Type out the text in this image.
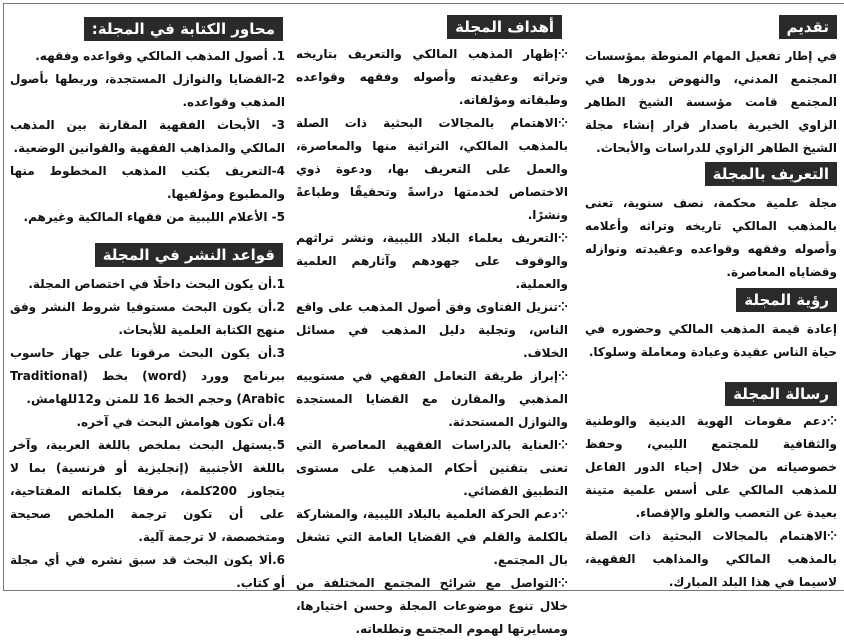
تقديم

في إطار تفعيل المهام المنوطة بمؤسسات المجتمع المدني، والنهوض بدورها في المجتمع قامت مؤسسة الشيخ الطاهر الزاوي الخيرية باصدار قرار إنشاء مجلة الشيخ الطاهر الزاوي للدراسات والأبحاث.

التعريف بالمجلة

مجلة علمية محكمة، نصف سنوية، تعنى بالمذهب المالكي تاريخه وتراثه وأعلامه وأصوله وفقهه وقواعده وعقيدته ونوازله وقضاياه المعاصرة.

رؤية المجلة

إعادة قيمة المذهب المالكي وحضوره في حياة الناس عقيدة وعبادة ومعاملة وسلوكا.

رسالة المجلة

⁘دعم مقومات الهوية الدينية والوطنية والثقافية للمجتمع الليبي، وحفظ خصوصياته من خلال إحياء الدور الفاعل للمذهب المالكي على أسس علمية متينة بعيدة عن التعصب والغلو والإقصاء.

⁘الاهتمام بالمجالات البحثية ذات الصلة بالمذهب المالكي والمذاهب الفقهية، لاسيما في هذا البلد المبارك.

أهداف المجلة

⁘إظهار المذهب المالكي والتعريف بتاريخه وتراثه وعقيدته وأصوله وفقهه وقواعده وطبقاته ومؤلفاته.

⁘الاهتمام بالمجالات البحثية ذات الصلة بالمذهب المالكي، التراثية منها والمعاصرة، والعمل على التعريف بها، ودعوة ذوي الاختصاص لخدمتها دراسةً وتحقيقًا وطباعةً ونشرًا.

⁘التعريف بعلماء البلاد الليبية، ونشر تراثهم والوقوف على جهودهم وآثارهم العلمية والعملية.

⁘تنزيل الفتاوى وفق أصول المذهب على واقع الناس، وتجلية دليل المذهب في مسائل الخلاف.

⁘إبراز طريقة التعامل الفقهي في مستوييه المذهبي والمقارن مع القضايا المستجدة والنوازل المستحدثة.

⁘العناية بالدراسات الفقهية المعاصرة التي تعنى بتقنين أحكام المذهب على مستوى التطبيق القضائي.

⁘دعم الحركة العلمية بالبلاد الليبية، والمشاركة بالكلمة والقلم في القضايا العامة التي تشغل بال المجتمع.

⁘التواصل مع شرائح المجتمع المختلفة من خلال تنوع موضوعات المجلة وحسن اختيارها، ومسايرتها لهموم المجتمع وتطلعاته.

محاور الكتابة في المجلة:

1. أصول المذهب المالكي وقواعده وفقهه.

2-القضايا والنوازل المستجدة، وربطها بأصول المذهب وقواعده.

3- الأبحاث الفقهية المقارنة بين المذهب المالكي والمذاهب الفقهية والقوانين الوضعية.

4-التعريف بكتب المذهب المخطوط منها والمطبوع ومؤلفيها.

5- الأعلام الليبية من فقهاء المالكية وغيرهم.

قواعد النشر في المجلة

1.أن يكون البحث داخلًا في اختصاص المجلة.

2.أن يكون البحث مستوفيا شروط النشر وفق منهج الكتابة العلمية للأبحاث.

3.أن يكون البحث مرقونا على جهاز حاسوب ببرنامج وورد (word) بخط (Traditional Arabic) وحجم الخط 16 للمتن و12للهامش.

4.أن تكون هوامش البحث في آخره.

5.يستهل البحث بملخص باللغة العربية، وآخر باللغة الأجنبية (إنجليزية أو فرنسية) بما لا يتجاوز 200كلمة، مرفقا بكلماته المفتاحية، على أن تكون ترجمة الملخص صحيحة ومتخصصة، لا ترجمة آلية.

6.ألا يكون البحث قد سبق نشره في أي مجلة أو كتاب.
